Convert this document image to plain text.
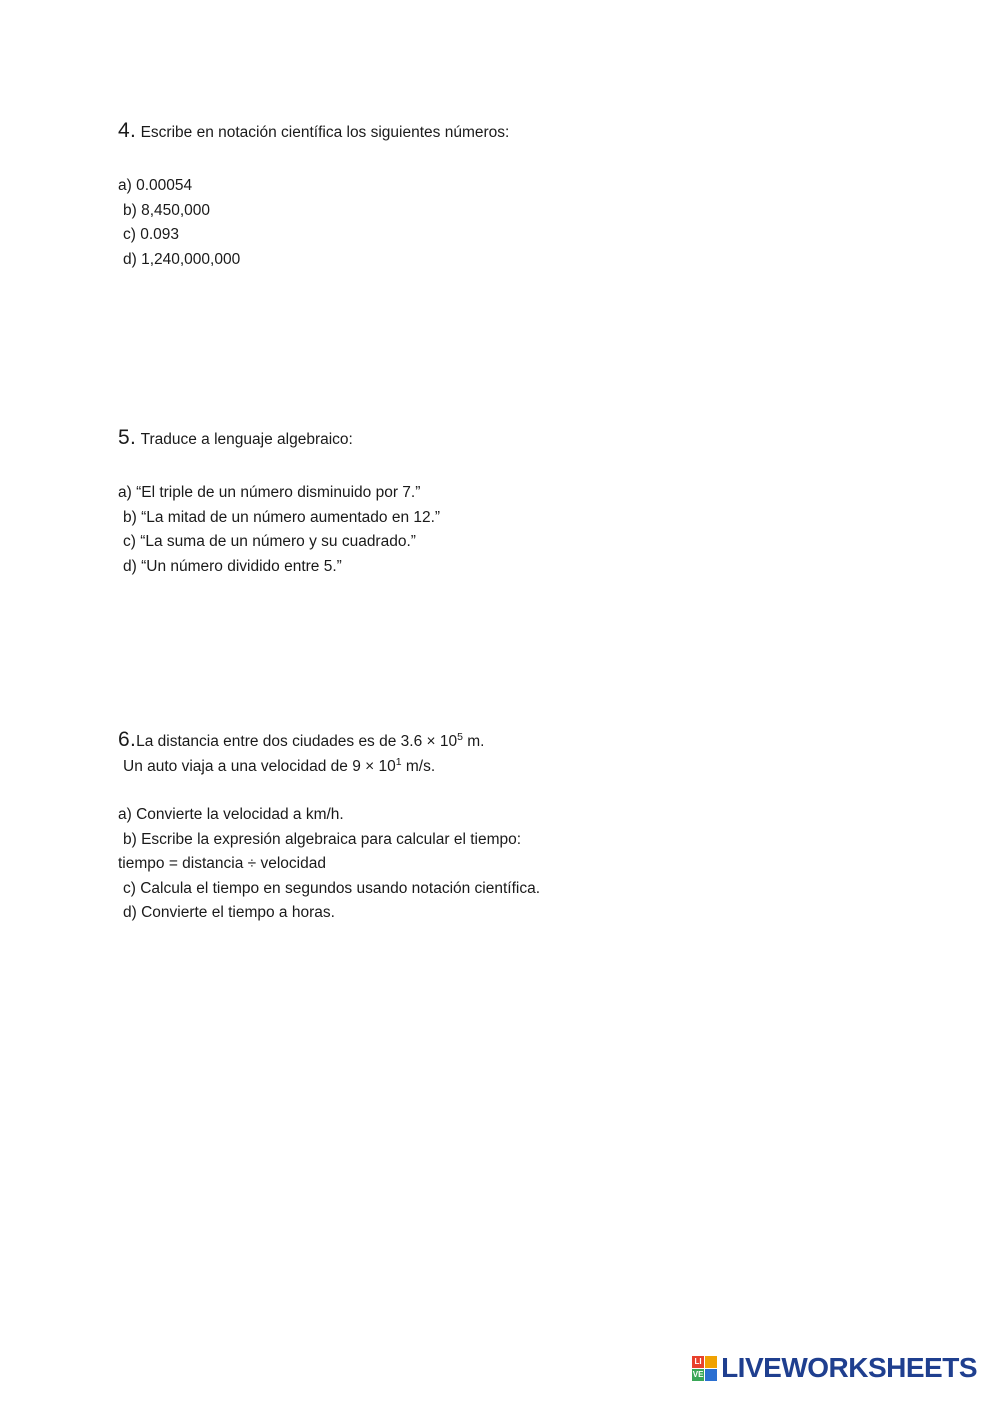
4. Escribe en notación científica los siguientes números:
a) 0.00054
b) 8,450,000
c) 0.093
d) 1,240,000,000
5. Traduce a lenguaje algebraico:
a) “El triple de un número disminuido por 7.”
b) “La mitad de un número aumentado en 12.”
c) “La suma de un número y su cuadrado.”
d) “Un número dividido entre 5.”
6.La distancia entre dos ciudades es de $3.6 \times 10^5$ m.
Un auto viaja a una velocidad de $9 \times 10^1$ m/s.
a) Convierte la velocidad a km/h.
b) Escribe la expresión algebraica para calcular el tiempo:
tiempo = distancia ÷ velocidad
c) Calcula el tiempo en segundos usando notación científica.
d) Convierte el tiempo a horas.
LI
VE LIVEWORKSHEETS
